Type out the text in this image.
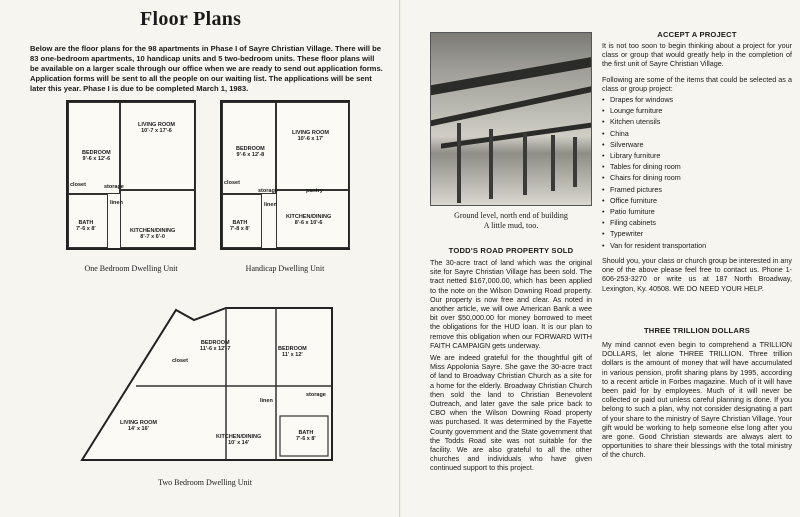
Floor Plans
Below are the floor plans for the 98 apartments in Phase I of Sayre Christian Village. There will be 83 one-bedroom apartments, 10 handicap units and 5 two-bedroom units. These floor plans will be available on a larger scale through our office when we are ready to send out application forms. Application forms will be sent to all the people on our waiting list. The applications will be sent later this year. Phase I is due to be completed March 1, 1983.
BEDROOM
9'-6 x 12'-6
LIVING ROOM
10'-7 x 17'-6
storage
closet
linen
BATH
7'-6 x 8'	KITCHEN/DINING
8'-7 x 6'-0
One Bedroom Dwelling Unit
BEDROOM
9'-6 x 12'-8
LIVING ROOM
10'-6 x 17'
storage
closet
linen
pantry
BATH
7'-8 x 8'
KITCHEN/DINING
8'-6 x 10'-6
Handicap Dwelling Unit
BEDROOM
11'-6 x 12'-7	BEDROOM
11' x 12'
LIVING ROOM
14' x 16'
closet
storage
linen
KITCHEN/DINING
10' x 14'
BATH
7'-6 x 8'
Two Bedroom Dwelling Unit
Ground level, north end of building
A little mud, too.
TODD'S ROAD PROPERTY SOLD
The 30-acre tract of land which was the original site for Sayre Christian Village has been sold. The tract netted $167,000.00, which has been applied to the note on the Wilson Downing Road property. Our property is now free and clear. As noted in another article, we will owe American Bank a wee bit over $50,000.00 for money borrowed to meet the obligations for the HUD loan. It is our plan to remove this obligation when our FORWARD WITH FAITH CAMPAIGN gets underway.
We are indeed grateful for the thoughtful gift of Miss Appolonia Sayre. She gave the 30-acre tract of land to Broadway Christian Church as a site for a home for the elderly. Broadway Christian Church then sold the land to Christian Benevolent Outreach, and later gave the sale price back to CBO when the Wilson Downing Road property was purchased. It was determined by the Fayette County government and the State government that the Todds Road site was not suitable for the facility. We are also grateful to all the other churches and individuals who have given continued support to this project.
ACCEPT A PROJECT
It is not too soon to begin thinking about a project for your class or group that would greatly help in the completion of the first unit of Sayre Christian Village.
Following are some of the items that could be selected as a class or group project:
• Drapes for windows
• Lounge furniture
• Kitchen utensils
• China
• Silverware
• Library furniture
• Tables for dining room
• Chairs for dining room
• Framed pictures
• Office furniture
• Patio furniture
• Filing cabinets
• Typewriter
• Van for resident transportation
Should you, your class or church group be interested in any one of the above please feel free to contact us. Phone 1-606-253-3270 or write us at 187 North Broadway, Lexington, Ky. 40508. WE DO NEED YOUR HELP.
THREE TRILLION DOLLARS
My mind cannot even begin to comprehend a TRILLION DOLLARS, let alone THREE TRILLION. Three trillion dollars is the amount of money that will have accumulated in various pension, profit sharing plans by 1995, according to a recent article in Forbes magazine. Much of it will have been paid for by employees. Much of it will never be collected or paid out unless careful planning is done. If you belong to such a plan, why not consider designating a part of your share to the ministry of Sayre Christian Village. Your gift would be working to help someone else long after you are gone. Good Christian stewards are always alert to opportunities to share their blessings with the total ministry of the church.
